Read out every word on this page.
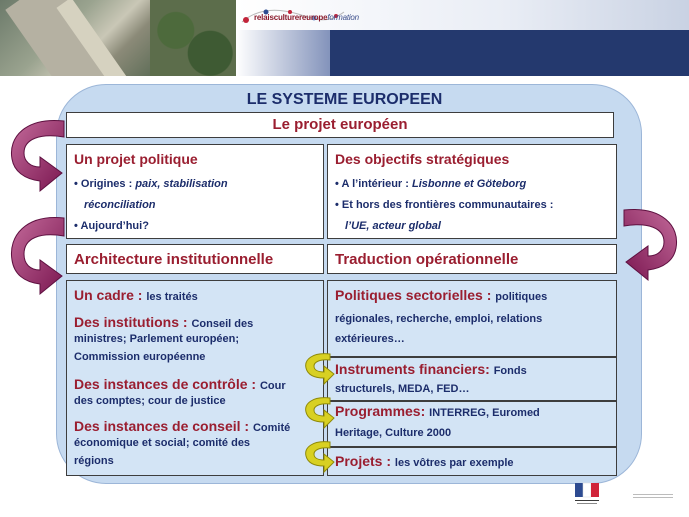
relaisculturereuropeformation
LE SYSTEME EUROPEEN
Le projet européen
Un projet politique
• Origines : paix, stabilisation
réconciliation
• Aujourd’hui?
Des objectifs stratégiques
• A l’intérieur : Lisbonne et Göteborg
• Et hors des frontières communautaires :
l’UE, acteur global
Architecture institutionnelle	Traduction opérationnelle
Un cadre : les traités
Des institutions : Conseil des
ministres; Parlement européen;
Commission européenne
Des instances de contrôle : Cour
des comptes; cour de justice
Des instances de conseil : Comité
économique et social; comité des
régions
Politiques sectorielles : politiques
régionales, recherche, emploi, relations
extérieures…
Instruments financiers: Fonds
structurels, MEDA, FED…
Programmes: INTERREG, Euromed
Heritage, Culture 2000
Projets : les vôtres par exemple
